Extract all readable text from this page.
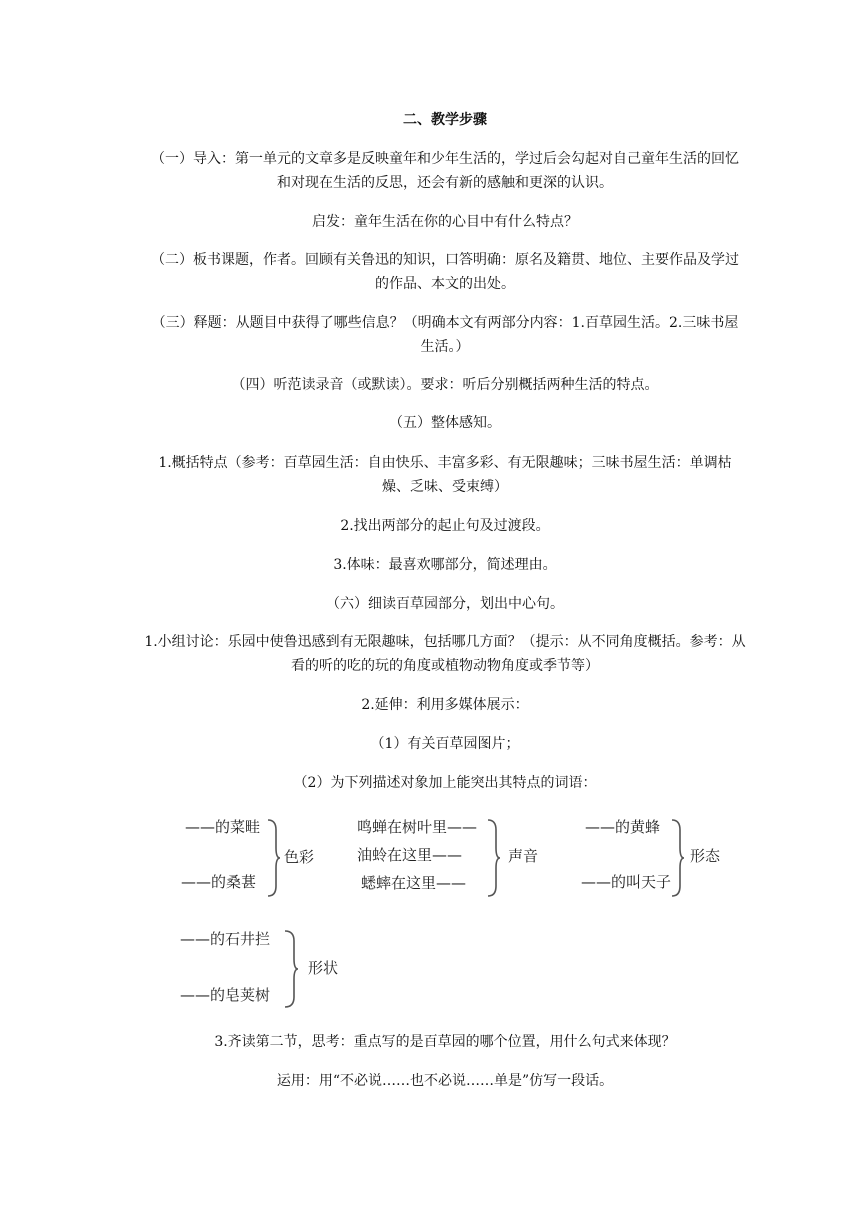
二、教学步骤

（一）导入：第一单元的文章多是反映童年和少年生活的，学过后会勾起对自己童年生活的回忆和对现在生活的反思，还会有新的感触和更深的认识。

启发：童年生活在你的心目中有什么特点？

（二）板书课题，作者。回顾有关鲁迅的知识，口答明确：原名及籍贯、地位、主要作品及学过的作品、本文的出处。

（三）释题：从题目中获得了哪些信息？（明确本文有两部分内容：1.百草园生活。2.三味书屋生活。）

（四）听范读录音（或默读）。要求：听后分别概括两种生活的特点。

（五）整体感知。

1.概括特点（参考：百草园生活：自由快乐、丰富多彩、有无限趣味；三味书屋生活：单调枯燥、乏味、受束缚）

2.找出两部分的起止句及过渡段。

3.体味：最喜欢哪部分，简述理由。

（六）细读百草园部分，划出中心句。

1.小组讨论：乐园中使鲁迅感到有无限趣味，包括哪几方面？（提示：从不同角度概括。参考：从看的听的吃的玩的角度或植物动物角度或季节等）

2.延伸：利用多媒体展示：

（1）有关百草园图片；

（2）为下列描述对象加上能突出其特点的词语：

——的菜畦
——的桑葚
色彩
鸣蝉在树叶里——
油蛉在这里——
蟋蟀在这里——
声音
——的黄蜂
——的叫天子
形态
——的石井拦
——的皂荚树
形状

3.齐读第二节，思考：重点写的是百草园的哪个位置，用什么句式来体现？

运用：用“不必说……也不必说……单是”仿写一段话。
